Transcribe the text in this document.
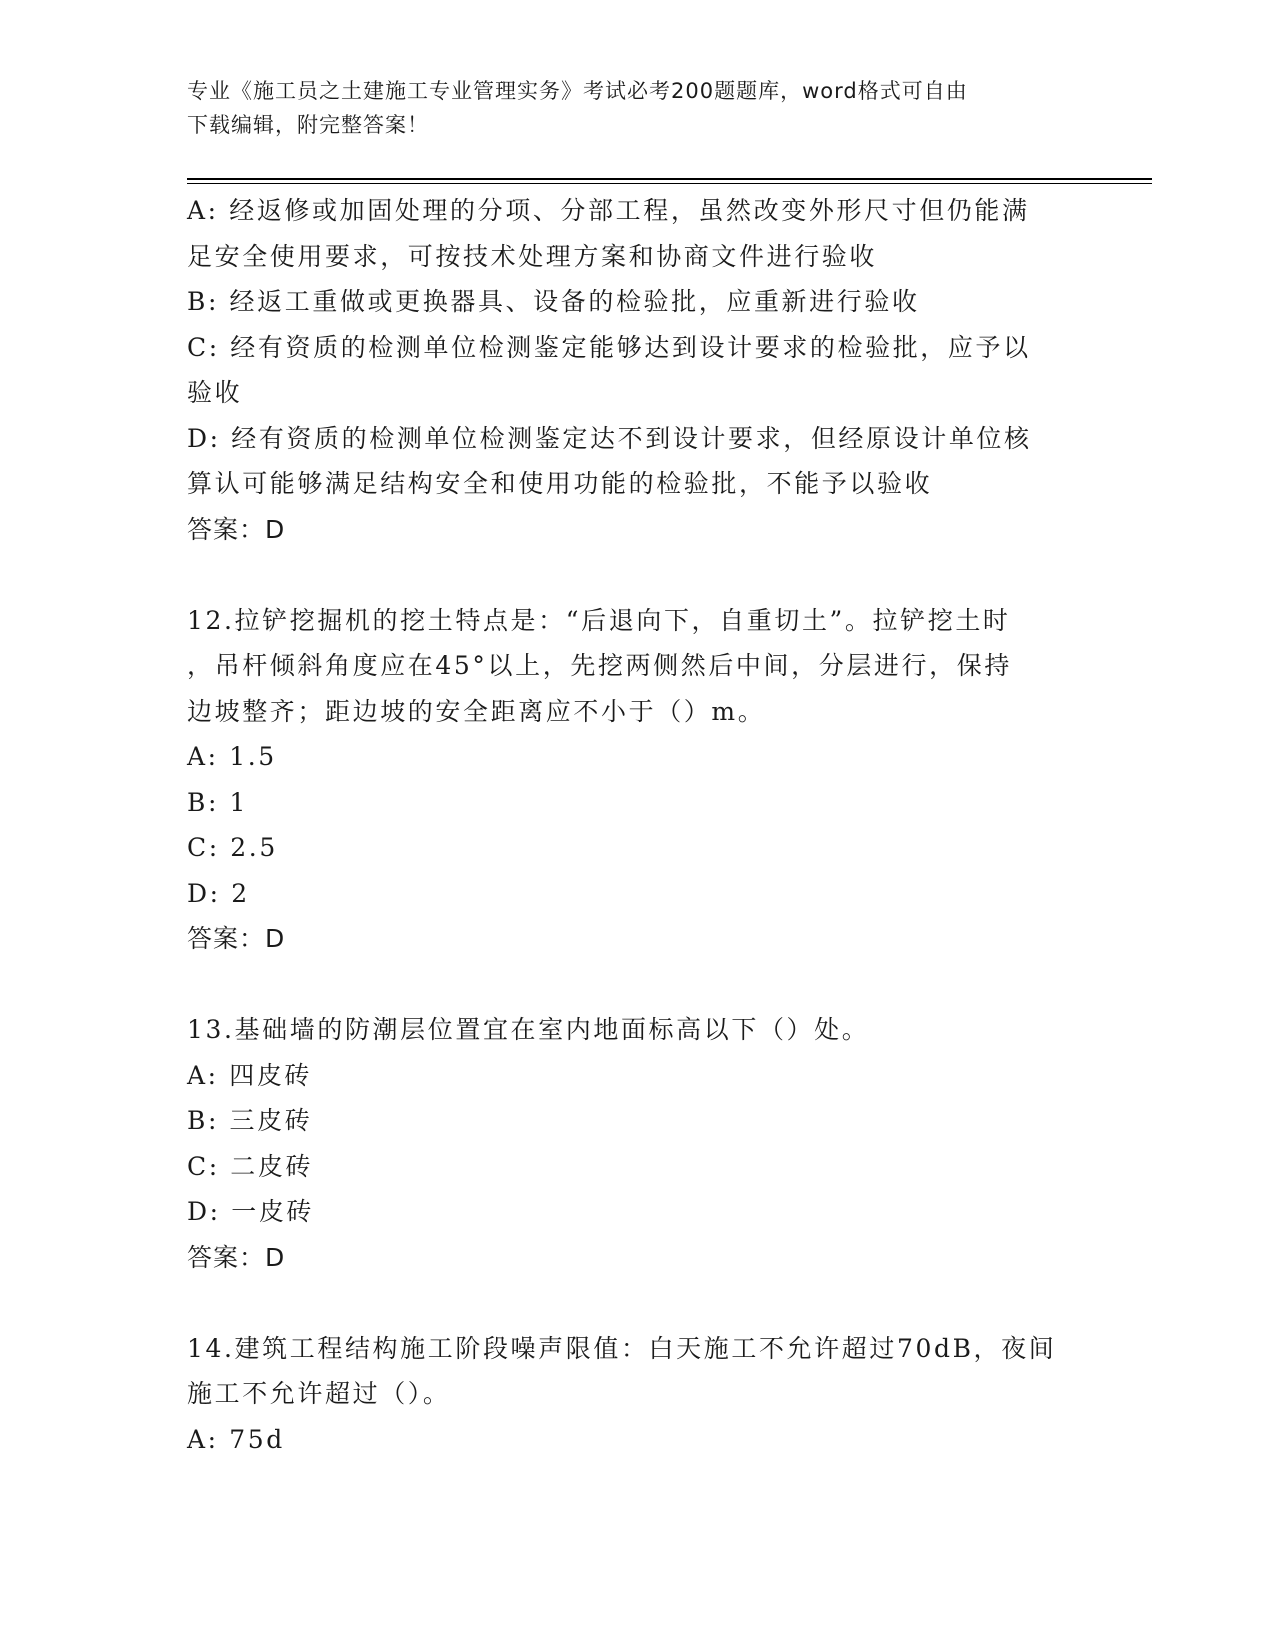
专业《施工员之土建施工专业管理实务》考试必考200题题库，word格式可自由
下载编辑，附完整答案！
A: 经返修或加固处理的分项、分部工程，虽然改变外形尺寸但仍能满
足安全使用要求，可按技术处理方案和协商文件进行验收
B: 经返工重做或更换器具、设备的检验批，应重新进行验收
C: 经有资质的检测单位检测鉴定能够达到设计要求的检验批，应予以
验收
D: 经有资质的检测单位检测鉴定达不到设计要求，但经原设计单位核
算认可能够满足结构安全和使用功能的检验批，不能予以验收
答案：D
12.拉铲挖掘机的挖土特点是：“后退向下，自重切土”。拉铲挖土时
，吊杆倾斜角度应在45°以上，先挖两侧然后中间，分层进行，保持
边坡整齐；距边坡的安全距离应不小于（）m。
A: 1.5
B: 1
C: 2.5
D: 2
答案：D
13.基础墙的防潮层位置宜在室内地面标高以下（）处。
A: 四皮砖
B: 三皮砖
C: 二皮砖
D: 一皮砖
答案：D
14.建筑工程结构施工阶段噪声限值：白天施工不允许超过70dB，夜间
施工不允许超过（）。
A: 75d
